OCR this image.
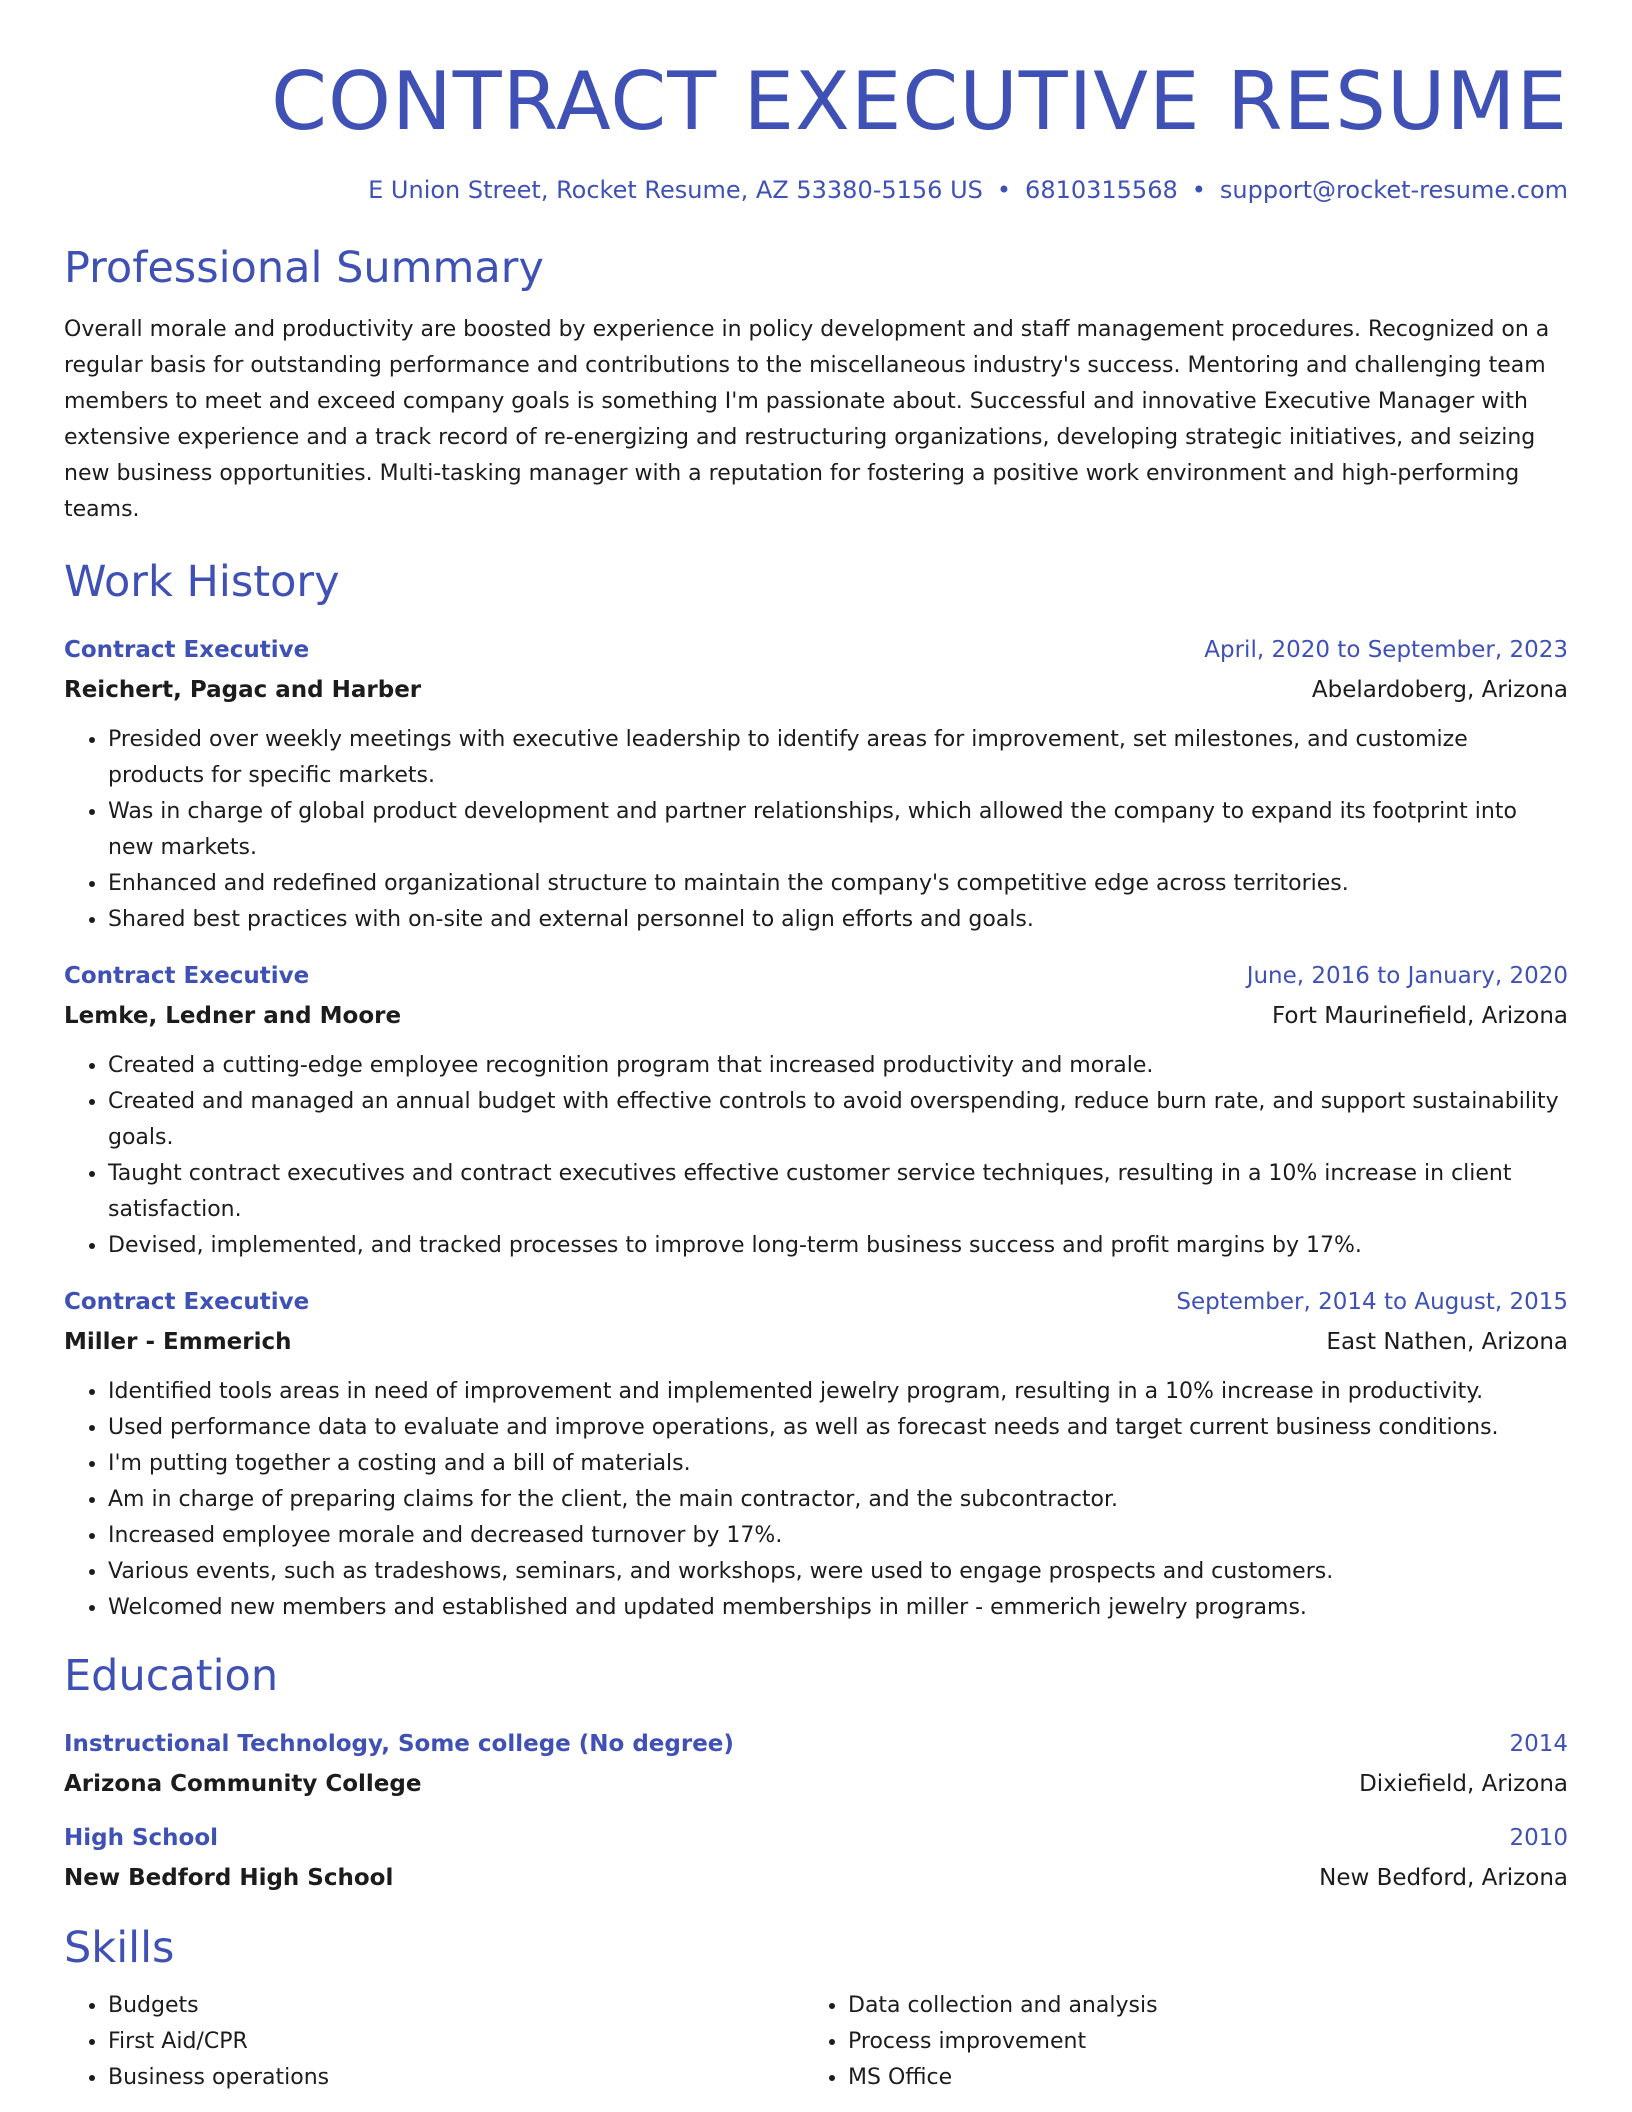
CONTRACT EXECUTIVE RESUME
E Union Street, Rocket Resume, AZ 53380-5156 US • 6810315568 • support@rocket-resume.com
Professional Summary
Overall morale and productivity are boosted by experience in policy development and staff management procedures. Recognized on a regular basis for outstanding performance and contributions to the miscellaneous industry's success. Mentoring and challenging team members to meet and exceed company goals is something I'm passionate about. Successful and innovative Executive Manager with extensive experience and a track record of re-energizing and restructuring organizations, developing strategic initiatives, and seizing new business opportunities. Multi-tasking manager with a reputation for fostering a positive work environment and high-performing teams.
Work History
Contract Executive	April, 2020 to September, 2023
Reichert, Pagac and Harber	Abelardoberg, Arizona
• Presided over weekly meetings with executive leadership to identify areas for improvement, set milestones, and customize products for specific markets.
• Was in charge of global product development and partner relationships, which allowed the company to expand its footprint into new markets.
• Enhanced and redefined organizational structure to maintain the company's competitive edge across territories.
• Shared best practices with on-site and external personnel to align efforts and goals.
Contract Executive	June, 2016 to January, 2020
Lemke, Ledner and Moore	Fort Maurinefield, Arizona
• Created a cutting-edge employee recognition program that increased productivity and morale.
• Created and managed an annual budget with effective controls to avoid overspending, reduce burn rate, and support sustainability goals.
• Taught contract executives and contract executives effective customer service techniques, resulting in a 10% increase in client satisfaction.
• Devised, implemented, and tracked processes to improve long-term business success and profit margins by 17%.
Contract Executive	September, 2014 to August, 2015
Miller - Emmerich	East Nathen, Arizona
• Identified tools areas in need of improvement and implemented jewelry program, resulting in a 10% increase in productivity.
• Used performance data to evaluate and improve operations, as well as forecast needs and target current business conditions.
• I'm putting together a costing and a bill of materials.
• Am in charge of preparing claims for the client, the main contractor, and the subcontractor.
• Increased employee morale and decreased turnover by 17%.
• Various events, such as tradeshows, seminars, and workshops, were used to engage prospects and customers.
• Welcomed new members and established and updated memberships in miller - emmerich jewelry programs.
Education
Instructional Technology, Some college (No degree)	2014
Arizona Community College	Dixiefield, Arizona
High School	2010
New Bedford High School	New Bedford, Arizona
Skills
• Budgets
• First Aid/CPR
• Business operations
• Data collection and analysis
• Process improvement
• MS Office
